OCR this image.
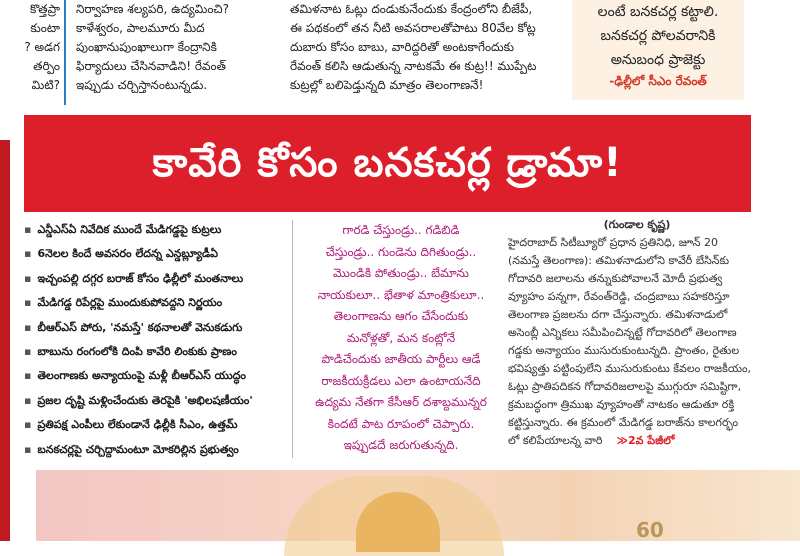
కొత్తప్రా
కుంటా
? అడగ
తర్పిం
మిటి?
నిర్వాహణ శల్యపరి, ఉద్యమించి?
కాళేశ్వరం, పాలమూరు మీద
పుంఖానుపుంఖాలుగా కేంద్రానికి
ఫిర్యాదులు చేసినవాడిని! రేవంత్
ఇప్పుడు చర్చిస్తానంటున్నడు.
తమిళనాట ఓట్లు దండుకునేందుకు కేంద్రంలోని బీజేపీ,
ఈ పథకంలో తన నీటి అవసరాలతోపాటు 80వేల కోట్ల
దుబారు కోసం బాబు, వారిద్దరితో అంటకాగేందుకు
రేవంత్ కలిసి ఆడుతున్న నాటకమే ఈ కుట్ర!! ముప్పేట
కుట్రల్లో బలిపెడ్తున్నది మాత్రం తెలంగాణనే!
లంటే బనకచర్ల కట్టాలి.
బనకచర్ల పోలవరానికి
అనుబంధ ప్రాజెక్టు
-ఢిల్లీలో సీఎం రేవంత్
కావేరి కోసం బనకచర్ల డ్రామా!
▪ ఎన్డీఎస్ఏ నివేదిక ముందే మేడిగడ్డపై కుట్రలు
▪ 6నెలల కిందే అవసరం లేదన్న ఎన్డబ్ల్యూడీఏ
▪ ఇచ్చంపల్లి దగ్గర బరాజ్ కోసం ఢిల్లీలో మంతనాలు
▪ మేడిగడ్డ రిపేర్లపై ముందుకుపోవద్దని నిర్ణయం
▪ బీఆర్ఎస్ పోరు, 'నమస్తే' కథనాలతో వెనుకడుగు
▪ బాబును రంగంలోకి దింపి కావేరి లింకుకు ప్రాణం
▪ తెలంగాణకు అన్యాయంపై మళ్లీ బీఆర్ఎస్ యుద్ధం
▪ ప్రజల దృష్టి మళ్లించేందుకు తెరపైకి 'అభిలషణీయం'
▪ ప్రతిపక్ష ఎంపీలు లేకుండానే ఢిల్లీకి సీఎం, ఉత్తమ్
▪ బనకచర్లపై చర్చిద్దామంటూ మోకరిల్లిన ప్రభుత్వం
గారడి చేస్తుండ్రు.. గడిబిడి
చేస్తుండ్రు.. గుండెను దిగితుండ్రు..
మొండికి పోతుండ్రు.. బేమాను
నాయకులూ.. భేతాళ మాంత్రికులూ..
తెలంగాణను ఆగం చేసేందుకు
మనోళ్లతో, మన కంట్లోనే
పొడిచేందుకు జాతీయ పార్టీలు ఆడే
రాజకీయక్రీడలు ఎలా ఉంటాయనేది
ఉద్యమ నేతగా కేసీఆర్ దశాబ్దమున్నర
కిందటే పాట రూపంలో చెప్పారు.
ఇప్పుడదే జరుగుతున్నది.
(గుండాల కృష్ణ)
హైదరాబాద్ సిటీబ్యూరో ప్రధాన ప్రతినిధి, జూన్ 20
(నమస్తే తెలంగాణ): తమిళనాడులోని కావేరీ బేసిన్‌కు
గోదావరి జలాలను తన్నుకుపోవాలనే మోదీ ప్రభుత్వ
వ్యూహం పన్నగా, రేవంత్‌రెడ్డి, చంద్రబాబు సహకరిస్తూ
తెలంగాణ ప్రజలను దగా చేస్తున్నారు. తమిళనాడులో
అసెంబ్లీ ఎన్నికలు సమీపించిన్నట్టే గోదావరిలో తెలంగాణ
గడ్డకు అన్యాయం ముసురుకుంటున్నది. ప్రాంతం, రైతుల
భవిష్యత్తు పట్టింపులేని ముసురుకుంటు కేవలం రాజకీయం,
ఓట్లు ప్రాతిపదికన గోదావరిజలాలపై ముగ్గురూ సమిష్టిగా,
క్రమబద్ధంగా త్రిముఖ వ్యూహంతో నాటకం ఆడుతూ రక్తి
కట్టిస్తున్నారు. ఈ క్రమంలో మేడిగడ్డ బరాజ్‌ను కాలగర్భం
లో కలిపేయాలన్న వారి ≫2వ పేజీలో
60
